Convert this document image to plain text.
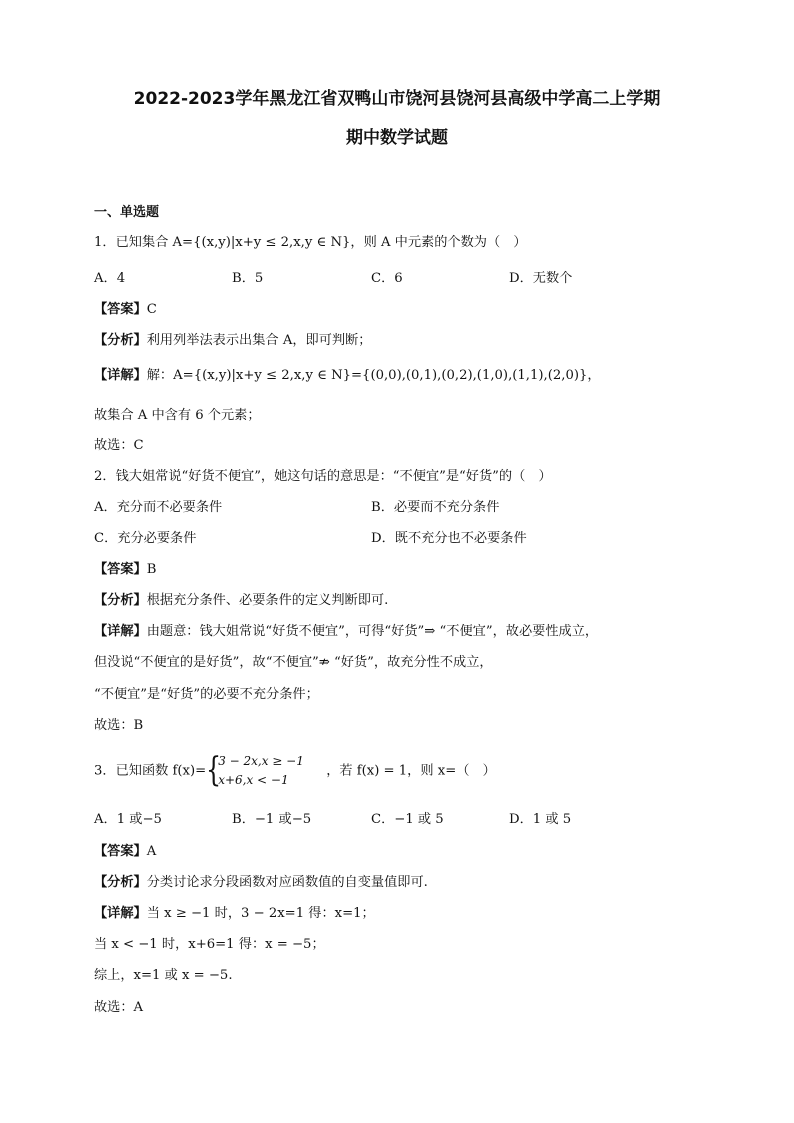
2022-2023学年黑龙江省双鸭山市饶河县饶河县高级中学高二上学期
期中数学试题
一、单选题
1．已知集合 A={(x,y)|x+y ≤ 2,x,y ∈ N}，则 A 中元素的个数为（　）
A．4	B．5	C．6	D．无数个
【答案】C
【分析】利用列举法表示出集合 A，即可判断；
【详解】解：A={(x,y)|x+y ≤ 2,x,y ∈ N}={(0,0),(0,1),(0,2),(1,0),(1,1),(2,0)}，
故集合 A 中含有 6 个元素；
故选：C
2．钱大姐常说“好货不便宜”，她这句话的意思是：“不便宜”是“好货”的（　）
A．充分而不必要条件	B．必要而不充分条件
C．充分必要条件	D．既不充分也不必要条件
【答案】B
【分析】根据充分条件、必要条件的定义判断即可.
【详解】由题意：钱大姐常说“好货不便宜”，可得“好货”⇒ “不便宜”，故必要性成立，
但没说“不便宜的是好货”，故“不便宜”⇏ “好货”，故充分性不成立，
“不便宜”是“好货”的必要不充分条件；
故选：B
3．已知函数 f(x)= {
3 − 2x,x ≥ −1
x+6,x < −1
，若 f(x) = 1，则 x=（　）
A．1 或−5	B．−1 或−5	C．−1 或 5	D．1 或 5
【答案】A
【分析】分类讨论求分段函数对应函数值的自变量值即可.
【详解】当 x ≥ −1 时，3 − 2x=1 得：x=1；
当 x < −1 时，x+6=1 得：x = −5；
综上，x=1 或 x = −5.
故选：A
